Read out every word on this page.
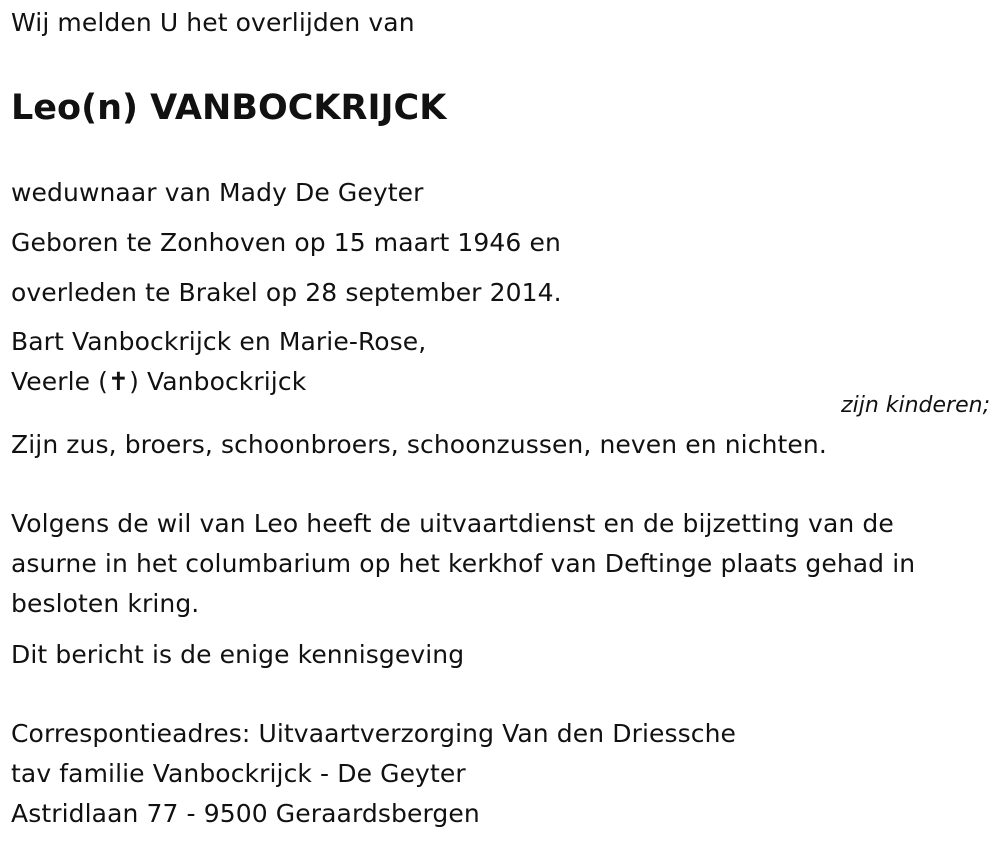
Wij melden U het overlijden van
Leo(n) VANBOCKRIJCK
weduwnaar van Mady De Geyter
Geboren te Zonhoven op 15 maart 1946 en
overleden te Brakel op 28 september 2014.
Bart Vanbockrijck en Marie-Rose,
Veerle (✝) Vanbockrijck
zijn kinderen;
Zijn zus, broers, schoonbroers, schoonzussen, neven en nichten.
Volgens de wil van Leo heeft de uitvaartdienst en de bijzetting van de
asurne in het columbarium op het kerkhof van Deftinge plaats gehad in
besloten kring.
Dit bericht is de enige kennisgeving
Correspontieadres: Uitvaartverzorging Van den Driessche
tav familie Vanbockrijck - De Geyter
Astridlaan 77 - 9500 Geraardsbergen
